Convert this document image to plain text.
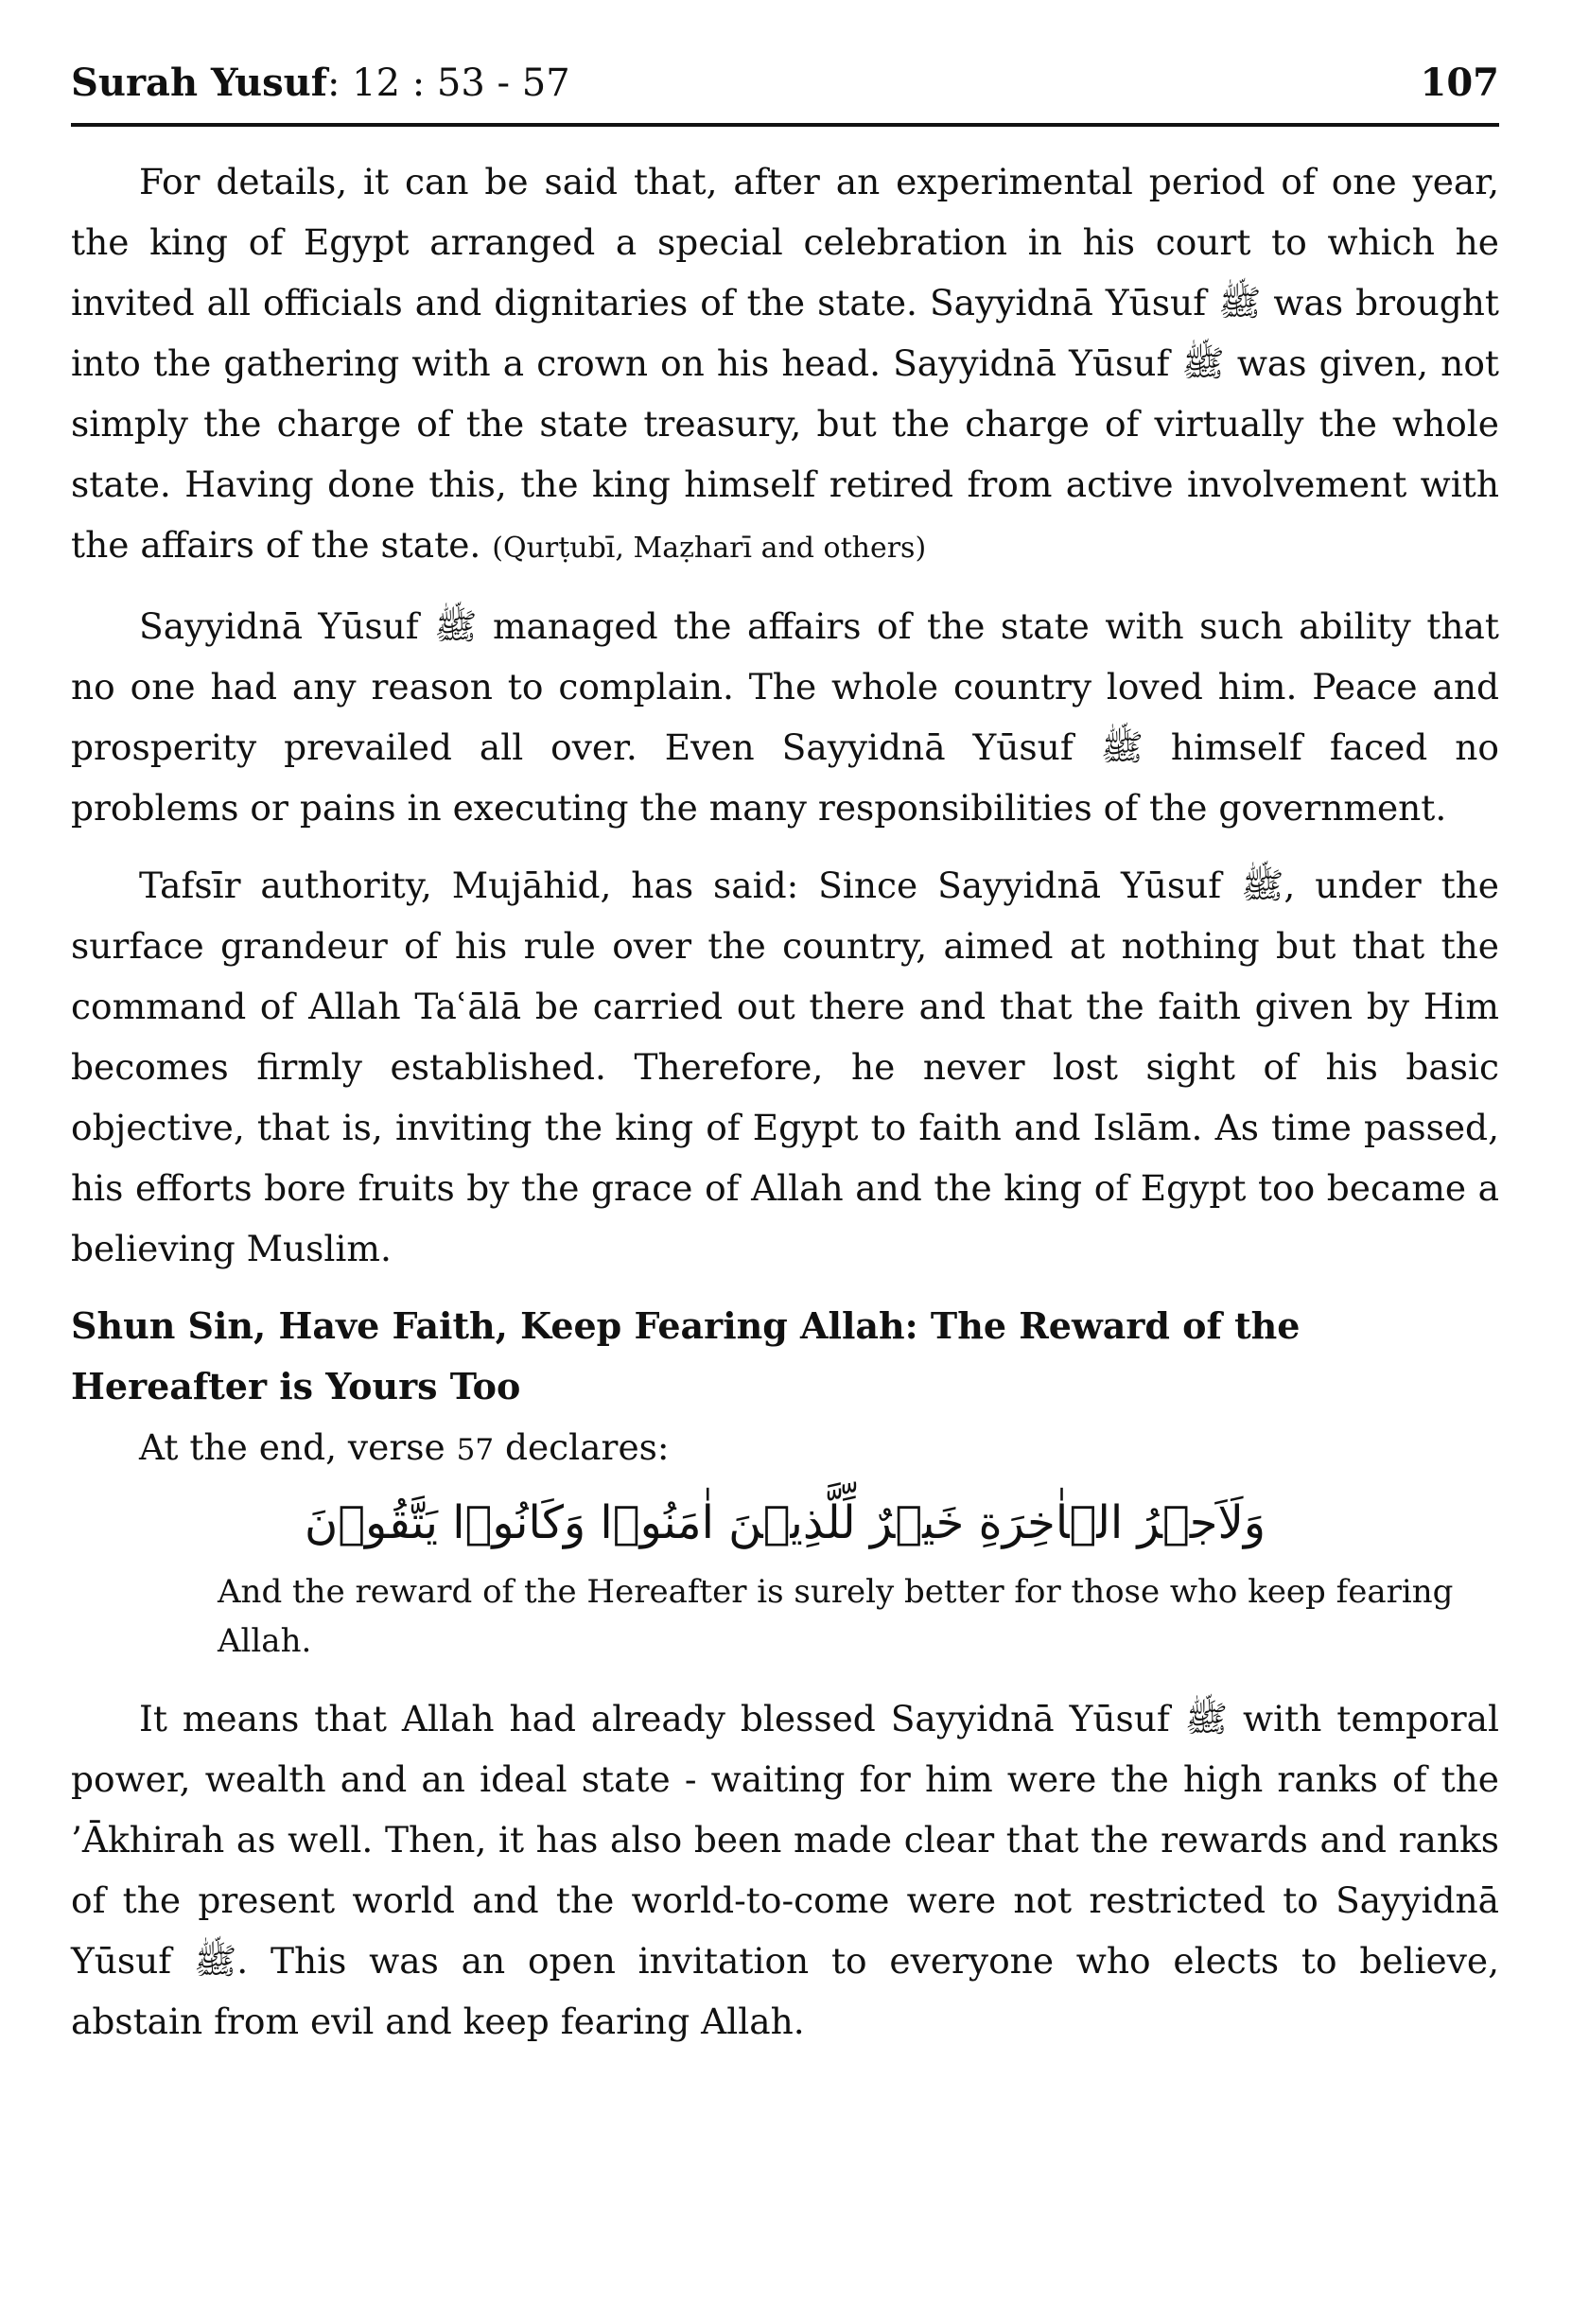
Surah Yusuf: 12 : 53 - 57	107

For details, it can be said that, after an experimental period of one year, the king of Egypt arranged a special celebration in his court to which he invited all officials and dignitaries of the state. Sayyidnā Yūsuf ﷺ was brought into the gathering with a crown on his head. Sayyidnā Yūsuf ﷺ was given, not simply the charge of the state treasury, but the charge of virtually the whole state. Having done this, the king himself retired from active involvement with the affairs of the state. (Qurṭubī, Maẓharī and others)

Sayyidnā Yūsuf ﷺ managed the affairs of the state with such ability that no one had any reason to complain. The whole country loved him. Peace and prosperity prevailed all over. Even Sayyidnā Yūsuf ﷺ himself faced no problems or pains in executing the many responsibilities of the government.

Tafsīr authority, Mujāhid, has said: Since Sayyidnā Yūsuf ﷺ, under the surface grandeur of his rule over the country, aimed at nothing but that the command of Allah Taʿālā be carried out there and that the faith given by Him becomes firmly established. Therefore, he never lost sight of his basic objective, that is, inviting the king of Egypt to faith and Islām. As time passed, his efforts bore fruits by the grace of Allah and the king of Egypt too became a believing Muslim.

Shun Sin, Have Faith, Keep Fearing Allah: The Reward of the Hereafter is Yours Too

At the end, verse 57 declares:

وَلَاَجۡرُ الۡاٰخِرَةِ خَيۡرٌ لِّلَّذِيۡنَ اٰمَنُوۡا وَكَانُوۡا يَتَّقُوۡنَ
And the reward of the Hereafter is surely better for those who keep fearing Allah.

It means that Allah had already blessed Sayyidnā Yūsuf ﷺ with temporal power, wealth and an ideal state - waiting for him were the high ranks of the ’Ākhirah as well. Then, it has also been made clear that the rewards and ranks of the present world and the world-to-come were not restricted to Sayyidnā Yūsuf ﷺ. This was an open invitation to everyone who elects to believe, abstain from evil and keep fearing Allah.
